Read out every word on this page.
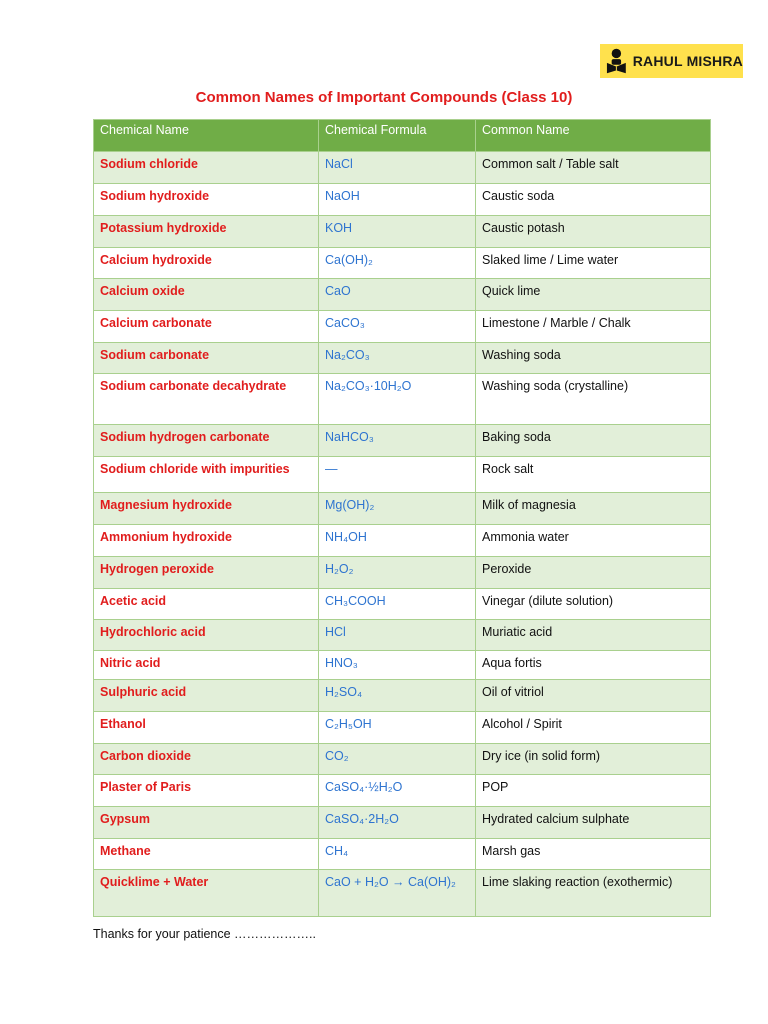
RAHUL MISHRA
Common Names of Important Compounds (Class 10)
Chemical Name	Chemical Formula	Common Name
Sodium chloride	NaCl	Common salt / Table salt
Sodium hydroxide	NaOH	Caustic soda
Potassium hydroxide	KOH	Caustic potash
Calcium hydroxide	Ca(OH)₂	Slaked lime / Lime water
Calcium oxide	CaO	Quick lime
Calcium carbonate	CaCO₃	Limestone / Marble / Chalk
Sodium carbonate	Na₂CO₃	Washing soda
Sodium carbonate decahydrate	Na₂CO₃·10H₂O	Washing soda (crystalline)
Sodium hydrogen carbonate	NaHCO₃	Baking soda
Sodium chloride with impurities	—	Rock salt
Magnesium hydroxide	Mg(OH)₂	Milk of magnesia
Ammonium hydroxide	NH₄OH	Ammonia water
Hydrogen peroxide	H₂O₂	Peroxide
Acetic acid	CH₃COOH	Vinegar (dilute solution)
Hydrochloric acid	HCl	Muriatic acid
Nitric acid	HNO₃	Aqua fortis
Sulphuric acid	H₂SO₄	Oil of vitriol
Ethanol	C₂H₅OH	Alcohol / Spirit
Carbon dioxide	CO₂	Dry ice (in solid form)
Plaster of Paris	CaSO₄·½H₂O	POP
Gypsum	CaSO₄·2H₂O	Hydrated calcium sulphate
Methane	CH₄	Marsh gas
Quicklime + Water	CaO + H₂O → Ca(OH)₂	Lime slaking reaction (exothermic)
Thanks for your patience ………………..
